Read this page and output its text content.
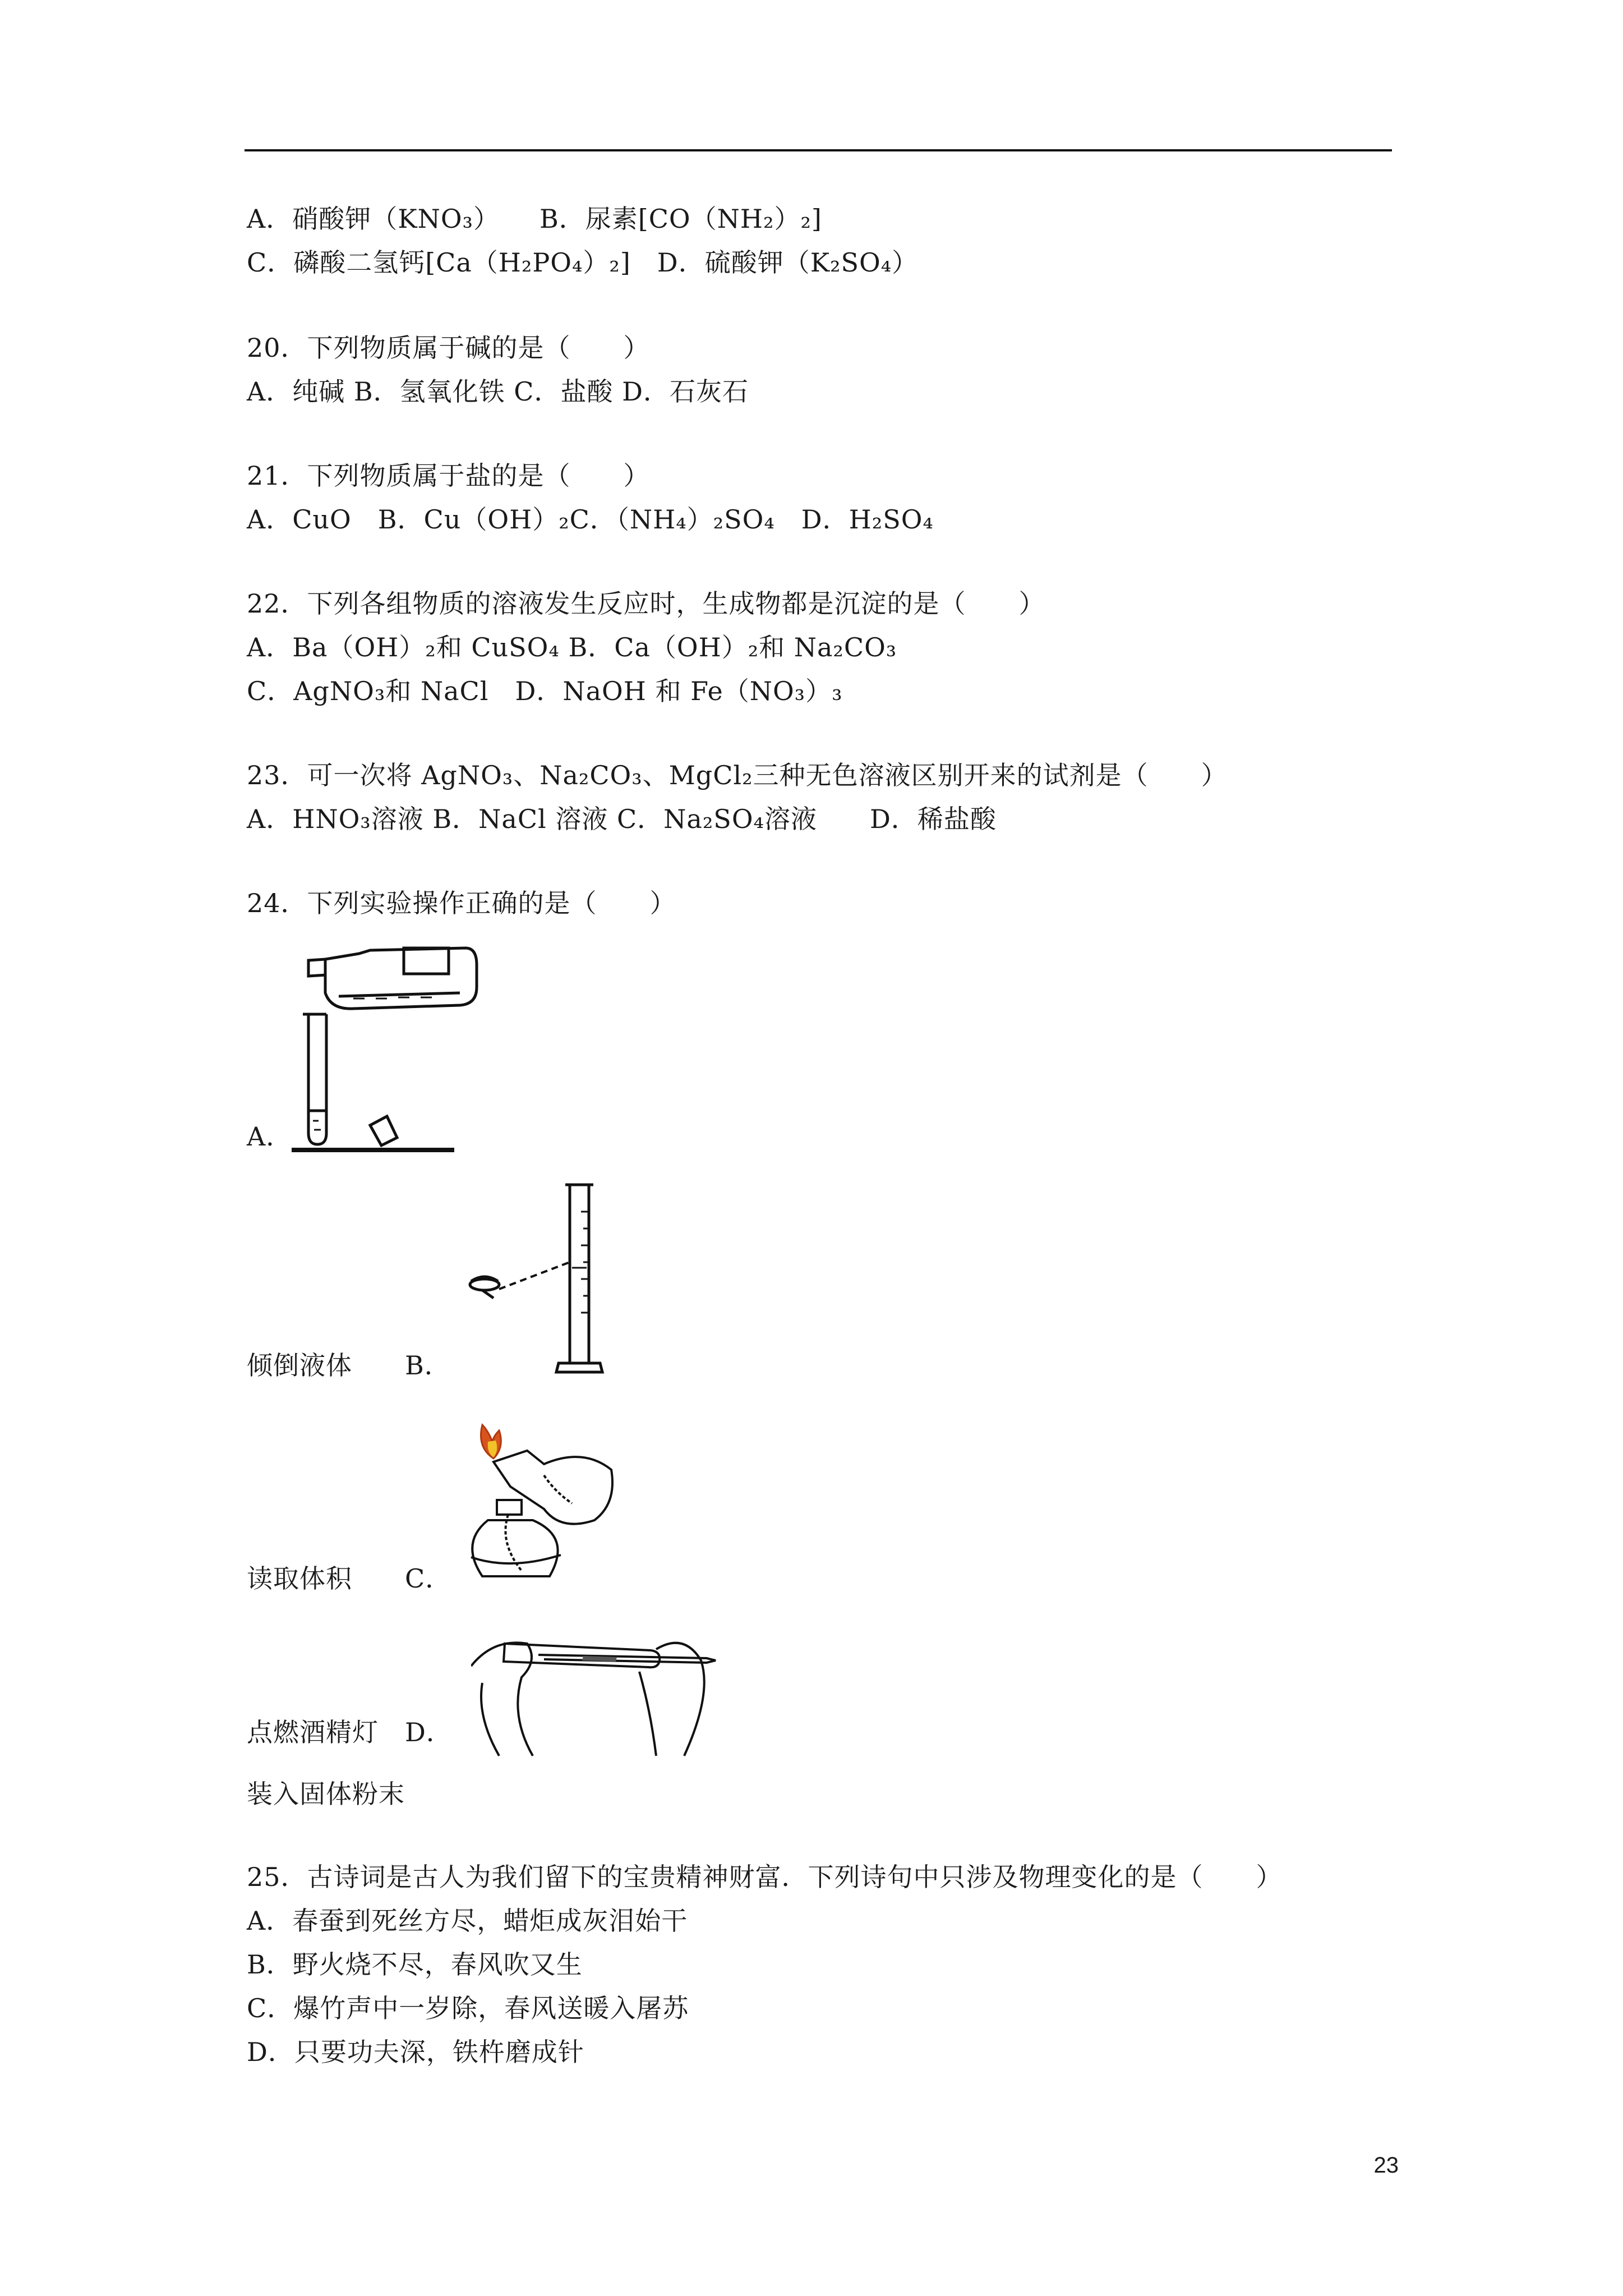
A．硝酸钾（KNO₃）　　B．尿素[CO（NH₂）₂]
C．磷酸二氢钙[Ca（H₂PO₄）₂]　D．硫酸钾（K₂SO₄）
20．下列物质属于碱的是（　　）
A．纯碱 B．氢氧化铁 C．盐酸 D．石灰石
21．下列物质属于盐的是（　　）
A．CuO　B．Cu（OH）₂C．（NH₄）₂SO₄　D．H₂SO₄
22．下列各组物质的溶液发生反应时，生成物都是沉淀的是（　　）
A．Ba（OH）₂和 CuSO₄ B．Ca（OH）₂和 Na₂CO₃
C．AgNO₃和 NaCl　D．NaOH 和 Fe（NO₃）₃
23．可一次将 AgNO₃、Na₂CO₃、MgCl₂三种无色溶液区别开来的试剂是（　　）
A．HNO₃溶液 B．NaCl 溶液 C．Na₂SO₄溶液　　D．稀盐酸
24．下列实验操作正确的是（　　）
A．
倾倒液体　　B．
读取体积　　C．
点燃酒精灯　D．
装入固体粉末
25．古诗词是古人为我们留下的宝贵精神财富．下列诗句中只涉及物理变化的是（　　）
A．春蚕到死丝方尽，蜡炬成灰泪始干
B．野火烧不尽，春风吹又生
C．爆竹声中一岁除，春风送暖入屠苏
D．只要功夫深，铁杵磨成针
23
